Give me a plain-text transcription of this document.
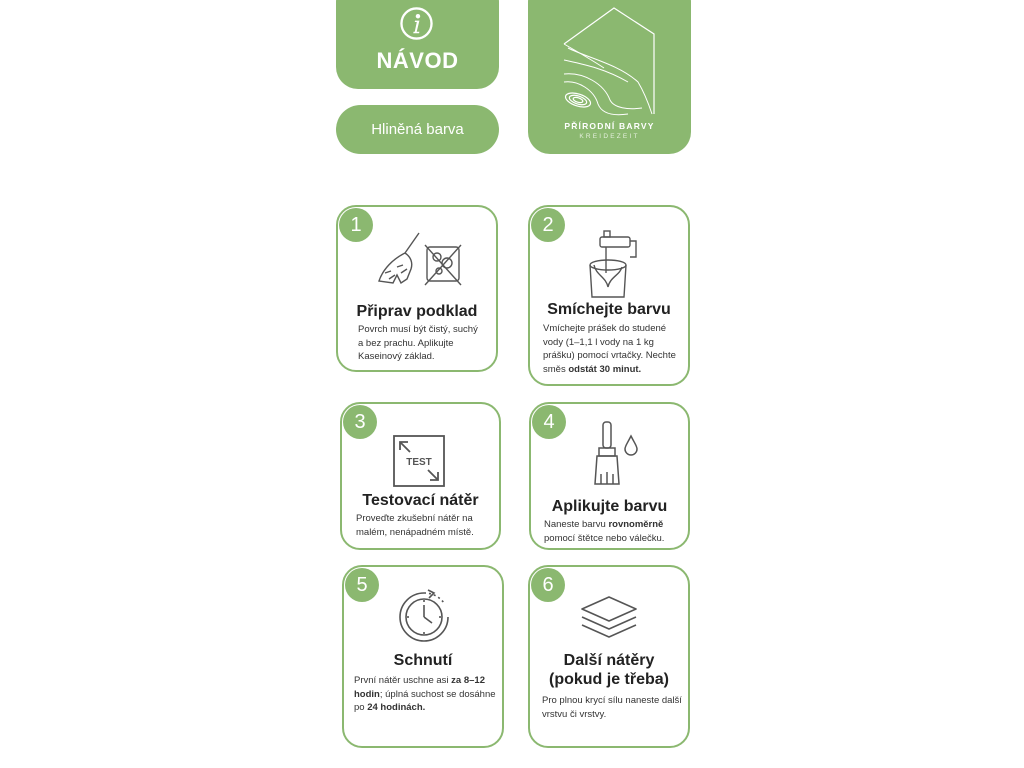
NÁVOD
Hliněná barva	PŘÍRODNÍ BARVY
KREIDEZEIT
1
Připrav podklad
Povrch musí být čistý, suchý a bez prachu. Aplikujte Kaseinový základ.
2
Smíchejte barvu
Vmíchejte prášek do studené vody (1–1,1 l vody na 1 kg prášku) pomocí vrtačky. Nechte směs odstát 30 minut.
3
TEST
Testovací nátěr
Proveďte zkušební nátěr na malém, nenápadném místě.
4
Aplikujte barvu
Naneste barvu rovnoměrně pomocí štětce nebo válečku.
5
Schnutí
První nátěr uschne asi za 8–12 hodin; úplná suchost se dosáhne po 24 hodinách.
6
Další nátěry
(pokud je třeba)
Pro plnou krycí sílu naneste další vrstvu či vrstvy.
